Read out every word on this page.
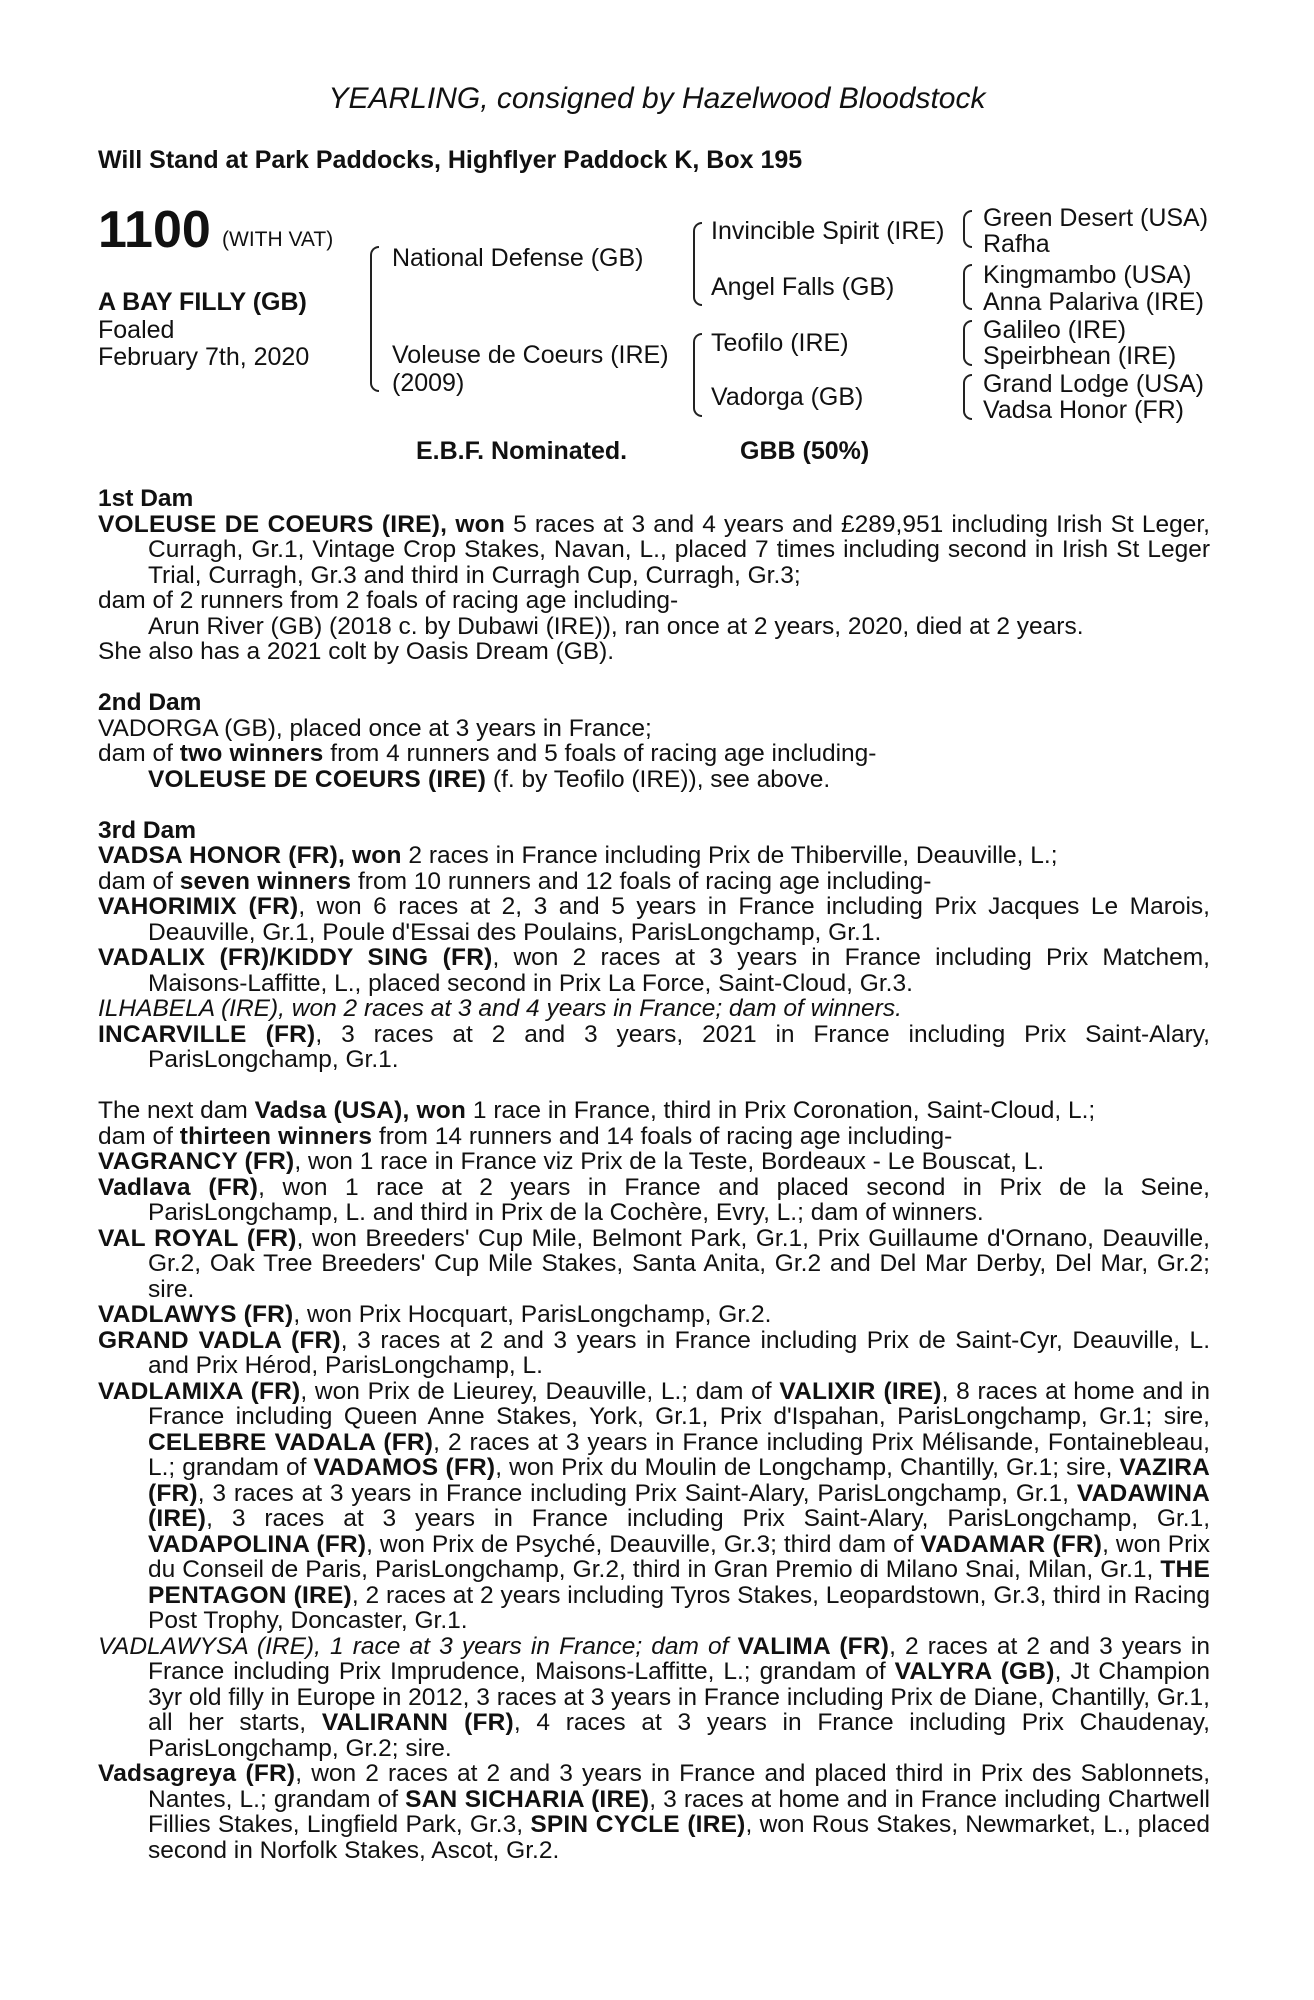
YEARLING, consigned by Hazelwood Bloodstock
Will Stand at Park Paddocks, Highflyer Paddock K, Box 195
1100 (WITH VAT)
A BAY FILLY (GB)
Foaled
February 7th, 2020
National Defense (GB)
Voleuse de Coeurs (IRE)
(2009)
Invincible Spirit (IRE)
Angel Falls (GB)
Teofilo (IRE)
Vadorga (GB)
Green Desert (USA)
Rafha
Kingmambo (USA)
Anna Palariva (IRE)
Galileo (IRE)
Speirbhean (IRE)
Grand Lodge (USA)
Vadsa Honor (FR)
E.B.F. Nominated.	GBB (50%)

1st Dam

VOLEUSE DE COEURS (IRE), won 5 races at 3 and 4 years and £289,951 including Irish St Leger, Curragh, Gr.1, Vintage Crop Stakes, Navan, L., placed 7 times including second in Irish St Leger Trial, Curragh, Gr.3 and third in Curragh Cup, Curragh, Gr.3;

dam of 2 runners from 2 foals of racing age including-

Arun River (GB) (2018 c. by Dubawi (IRE)), ran once at 2 years, 2020, died at 2 years.

She also has a 2021 colt by Oasis Dream (GB).

2nd Dam

VADORGA (GB), placed once at 3 years in France;

dam of two winners from 4 runners and 5 foals of racing age including-

VOLEUSE DE COEURS (IRE) (f. by Teofilo (IRE)), see above.

3rd Dam

VADSA HONOR (FR), won 2 races in France including Prix de Thiberville, Deauville, L.;

dam of seven winners from 10 runners and 12 foals of racing age including-

VAHORIMIX (FR), won 6 races at 2, 3 and 5 years in France including Prix Jacques Le Marois, Deauville, Gr.1, Poule d'Essai des Poulains, ParisLongchamp, Gr.1.

VADALIX (FR)/KIDDY SING (FR), won 2 races at 3 years in France including Prix Matchem, Maisons-Laffitte, L., placed second in Prix La Force, Saint-Cloud, Gr.3.

ILHABELA (IRE), won 2 races at 3 and 4 years in France; dam of winners.

INCARVILLE (FR), 3 races at 2 and 3 years, 2021 in France including Prix Saint-Alary, ParisLongchamp, Gr.1.

The next dam Vadsa (USA), won 1 race in France, third in Prix Coronation, Saint-Cloud, L.;

dam of thirteen winners from 14 runners and 14 foals of racing age including-

VAGRANCY (FR), won 1 race in France viz Prix de la Teste, Bordeaux - Le Bouscat, L.

Vadlava (FR), won 1 race at 2 years in France and placed second in Prix de la Seine, ParisLongchamp, L. and third in Prix de la Cochère, Evry, L.; dam of winners.

VAL ROYAL (FR), won Breeders' Cup Mile, Belmont Park, Gr.1, Prix Guillaume d'Ornano, Deauville, Gr.2, Oak Tree Breeders' Cup Mile Stakes, Santa Anita, Gr.2 and Del Mar Derby, Del Mar, Gr.2; sire.

VADLAWYS (FR), won Prix Hocquart, ParisLongchamp, Gr.2.

GRAND VADLA (FR), 3 races at 2 and 3 years in France including Prix de Saint-Cyr, Deauville, L. and Prix Hérod, ParisLongchamp, L.

VADLAMIXA (FR), won Prix de Lieurey, Deauville, L.; dam of VALIXIR (IRE), 8 races at home and in France including Queen Anne Stakes, York, Gr.1, Prix d'Ispahan, ParisLongchamp, Gr.1; sire, CELEBRE VADALA (FR), 2 races at 3 years in France including Prix Mélisande, Fontainebleau, L.; grandam of VADAMOS (FR), won Prix du Moulin de Longchamp, Chantilly, Gr.1; sire, VAZIRA (FR), 3 races at 3 years in France including Prix Saint-Alary, ParisLongchamp, Gr.1, VADAWINA (IRE), 3 races at 3 years in France including Prix Saint-Alary, ParisLongchamp, Gr.1, VADAPOLINA (FR), won Prix de Psyché, Deauville, Gr.3; third dam of VADAMAR (FR), won Prix du Conseil de Paris, ParisLongchamp, Gr.2, third in Gran Premio di Milano Snai, Milan, Gr.1, THE PENTAGON (IRE), 2 races at 2 years including Tyros Stakes, Leopardstown, Gr.3, third in Racing Post Trophy, Doncaster, Gr.1.

VADLAWYSA (IRE), 1 race at 3 years in France; dam of VALIMA (FR), 2 races at 2 and 3 years in France including Prix Imprudence, Maisons-Laffitte, L.; grandam of VALYRA (GB), Jt Champion 3yr old filly in Europe in 2012, 3 races at 3 years in France including Prix de Diane, Chantilly, Gr.1, all her starts, VALIRANN (FR), 4 races at 3 years in France including Prix Chaudenay, ParisLongchamp, Gr.2; sire.

Vadsagreya (FR), won 2 races at 2 and 3 years in France and placed third in Prix des Sablonnets, Nantes, L.; grandam of SAN SICHARIA (IRE), 3 races at home and in France including Chartwell Fillies Stakes, Lingfield Park, Gr.3, SPIN CYCLE (IRE), won Rous Stakes, Newmarket, L., placed second in Norfolk Stakes, Ascot, Gr.2.
